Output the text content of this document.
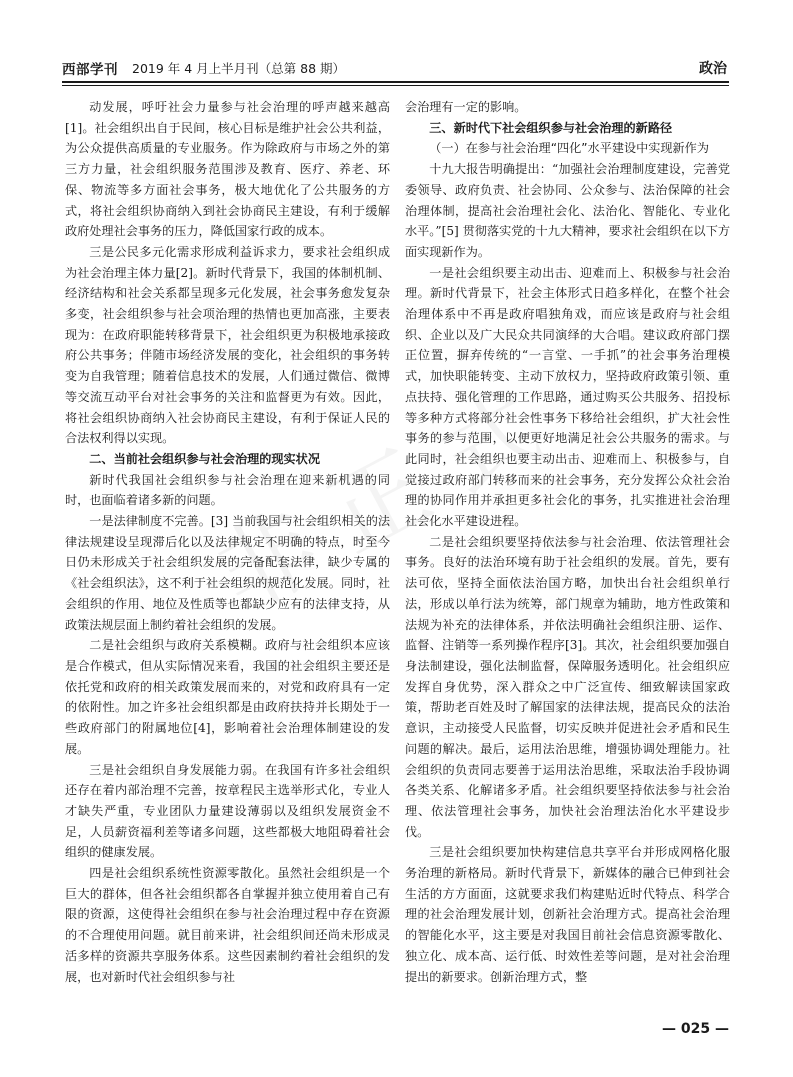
西部学刊 2019 年 4 月上半月刊（总第 88 期）	政治

动发展，呼吁社会力量参与社会治理的呼声越来越高[1]。社会组织出自于民间，核心目标是维护社会公共利益，为公众提供高质量的专业服务。作为除政府与市场之外的第三方力量，社会组织服务范围涉及教育、医疗、养老、环保、物流等多方面社会事务，极大地优化了公共服务的方式，将社会组织协商纳入到社会协商民主建设，有利于缓解政府处理社会事务的压力，降低国家行政的成本。

三是公民多元化需求形成利益诉求力，要求社会组织成为社会治理主体力量[2]。新时代背景下，我国的体制机制、经济结构和社会关系都呈现多元化发展，社会事务愈发复杂多变，社会组织参与社会项治理的热情也更加高涨，主要表现为：在政府职能转移背景下，社会组织更为积极地承接政府公共事务；伴随市场经济发展的变化，社会组织的事务转变为自我管理；随着信息技术的发展，人们通过微信、微博等交流互动平台对社会事务的关注和监督更为有效。因此，将社会组织协商纳入社会协商民主建设，有利于保证人民的合法权利得以实现。

二、当前社会组织参与社会治理的现实状况

新时代我国社会组织参与社会治理在迎来新机遇的同时，也面临着诸多新的问题。

一是法律制度不完善。[3] 当前我国与社会组织相关的法律法规建设呈现滞后化以及法律规定不明确的特点，时至今日仍未形成关于社会组织发展的完备配套法律，缺少专属的《社会组织法》，这不利于社会组织的规范化发展。同时，社会组织的作用、地位及性质等也都缺少应有的法律支持，从政策法规层面上制约着社会组织的发展。

二是社会组织与政府关系模糊。政府与社会组织本应该是合作模式，但从实际情况来看，我国的社会组织主要还是依托党和政府的相关政策发展而来的，对党和政府具有一定的依附性。加之许多社会组织都是由政府扶持并长期处于一些政府部门的附属地位[4]，影响着社会治理体制建设的发展。

三是社会组织自身发展能力弱。在我国有许多社会组织还存在着内部治理不完善，按章程民主选举形式化，专业人才缺失严重，专业团队力量建设薄弱以及组织发展资金不足，人员薪资福利差等诸多问题，这些都极大地阻碍着社会组织的健康发展。

四是社会组织系统性资源零散化。虽然社会组织是一个巨大的群体，但各社会组织都各自掌握并独立使用着自己有限的资源，这使得社会组织在参与社会治理过程中存在资源的不合理使用问题。就目前来讲，社会组织间还尚未形成灵活多样的资源共享服务体系。这些因素制约着社会组织的发展，也对新时代社会组织参与社

会治理有一定的影响。

三、新时代下社会组织参与社会治理的新路径

（一）在参与社会治理“四化”水平建设中实现新作为

十九大报告明确提出：“加强社会治理制度建设，完善党委领导、政府负责、社会协同、公众参与、法治保障的社会治理体制，提高社会治理社会化、法治化、智能化、专业化水平。”[5] 贯彻落实党的十九大精神，要求社会组织在以下方面实现新作为。

一是社会组织要主动出击、迎难而上、积极参与社会治理。新时代背景下，社会主体形式日趋多样化，在整个社会治理体系中不再是政府唱独角戏，而应该是政府与社会组织、企业以及广大民众共同演绎的大合唱。建议政府部门摆正位置，摒弃传统的“一言堂、一手抓”的社会事务治理模式，加快职能转变、主动下放权力，坚持政府政策引领、重点扶持、强化管理的工作思路，通过购买公共服务、招投标等多种方式将部分社会性事务下移给社会组织，扩大社会性事务的参与范围，以便更好地满足社会公共服务的需求。与此同时，社会组织也要主动出击、迎难而上、积极参与，自觉接过政府部门转移而来的社会事务，充分发挥公众社会治理的协同作用并承担更多社会化的事务，扎实推进社会治理社会化水平建设进程。

二是社会组织要坚持依法参与社会治理、依法管理社会事务。良好的法治环境有助于社会组织的发展。首先，要有法可依，坚持全面依法治国方略，加快出台社会组织单行法，形成以单行法为统筹，部门规章为辅助，地方性政策和法规为补充的法律体系，并依法明确社会组织注册、运作、监督、注销等一系列操作程序[3]。其次，社会组织要加强自身法制建设，强化法制监督，保障服务透明化。社会组织应发挥自身优势，深入群众之中广泛宣传、细致解读国家政策，帮助老百姓及时了解国家的法律法规，提高民众的法治意识，主动接受人民监督，切实反映并促进社会矛盾和民生问题的解决。最后，运用法治思维，增强协调处理能力。社会组织的负责同志要善于运用法治思维，采取法治手段协调各类关系、化解诸多矛盾。社会组织要坚持依法参与社会治理、依法管理社会事务，加快社会治理法治化水平建设步伐。

三是社会组织要加快构建信息共享平台并形成网格化服务治理的新格局。新时代背景下，新媒体的融合已伸到社会生活的方方面面，这就要求我们构建贴近时代特点、科学合理的社会治理发展计划，创新社会治理方式。提高社会治理的智能化水平，这主要是对我国目前社会信息资源零散化、独立化、成本高、运行低、时效性差等问题，是对社会治理提出的新要求。创新治理方式，整

— 025 —
